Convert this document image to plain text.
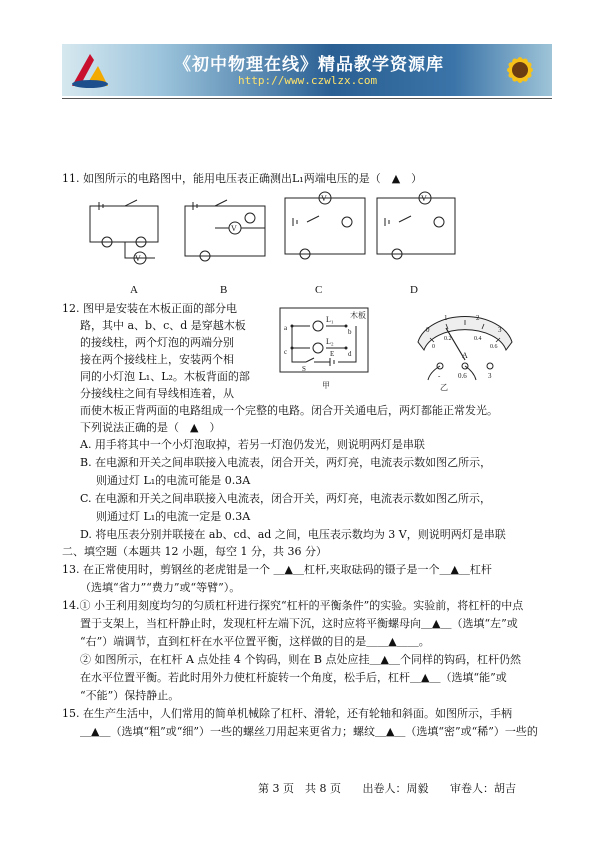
《初中物理在线》精品教学资源库
http://www.czwlzx.com
11. 如图所示的电路图中，能用电压表正确测出L₁两端电压的是（　▲　）
V
V
V	V
A	B	C	D
12. 图甲是安装在木板正面的部分电
路，其中 a、b、c、d 是穿越木板
的接线柱，两个灯泡的两端分别
接在两个接线柱上，安装两个相
同的小灯泡 L₁、L₂。木板背面的部
分接线柱之间有导线相连着，从
而使木板正背两面的电路组成一个完整的电路。闭合开关通电后，两灯都能正常发光。
下列说法正确的是（　▲　）
木板
L₁
L₂
a	b
c	d
E
S
甲
0
1	2
3
0
0.2	0.4
0.6
A
-	0.6	3
乙
A. 用手将其中一个小灯泡取掉，若另一灯泡仍发光，则说明两灯是串联
B. 在电源和开关之间串联接入电流表，闭合开关，两灯亮，电流表示数如图乙所示，
则通过灯 L₁的电流可能是 0.3A
C. 在电源和开关之间串联接入电流表，闭合开关，两灯亮，电流表示数如图乙所示，
则通过灯 L₁的电流一定是 0.3A
D. 将电压表分别并联接在 ab、cd、ad 之间，电压表示数均为 3 V，则说明两灯是串联
二、填空题（本题共 12 小题，每空 1 分，共 36 分）
13. 在正常使用时，剪钢丝的老虎钳是一个 ＿▲＿杠杆,夹取砝码的镊子是一个＿▲＿杠杆
（选填“省力”“费力”或“等臂”）。
14.① 小王利用刻度均匀的匀质杠杆进行探究“杠杆的平衡条件”的实验。实验前，将杠杆的中点
置于支架上，当杠杆静止时，发现杠杆左端下沉，这时应将平衡螺母向＿▲＿（选填“左”或
“右”）端调节，直到杠杆在水平位置平衡，这样做的目的是＿＿▲＿＿。
② 如图所示，在杠杆 A 点处挂 4 个钩码，则在 B 点处应挂＿▲＿个同样的钩码，杠杆仍然
在水平位置平衡。若此时用外力使杠杆旋转一个角度，松手后，杠杆＿▲＿（选填“能”或
“不能”）保持静止。
15. 在生产生活中，人们常用的简单机械除了杠杆、滑轮，还有轮轴和斜面。如图所示，手柄
＿▲＿（选填“粗”或“细”）一些的螺丝刀用起来更省力；螺纹＿▲＿（选填“密”或“稀”）一些的
第 3 页　共 8 页 出卷人：周毅 审卷人：胡吉
